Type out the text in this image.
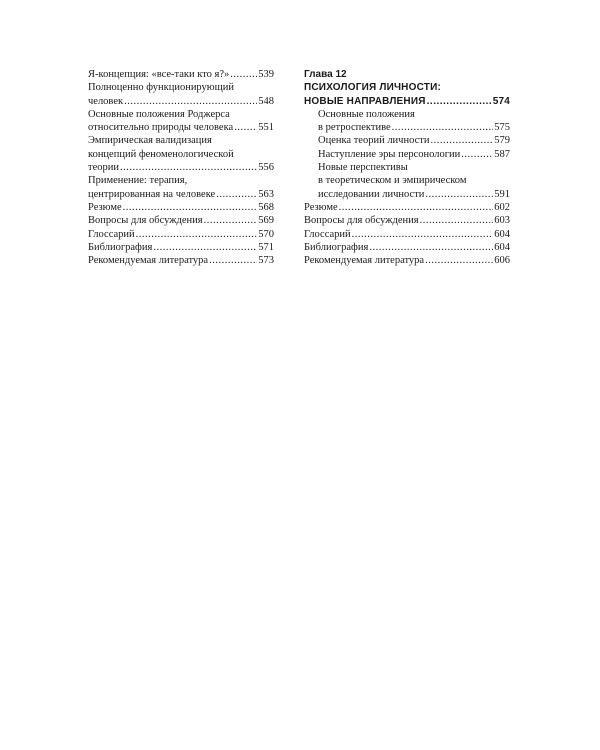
Я-концепция: «все-таки кто я?» .....	539
Полноценно функционирующий
человек .....	548
Основные положения Роджерса
относительно природы человека ..... 551
Эмпирическая валидизация
концепций феноменологической
теории .....	556
Применение: терапия,
центрированная на человеке .....	563
Резюме .....	568
Вопросы для обсуждения .....	569
Глоссарий .....	570
Библиография .....	571
Рекомендуемая литература .....	573
Глава 12
ПСИХОЛОГИЯ ЛИЧНОСТИ:
НОВЫЕ НАПРАВЛЕНИЯ .....	574
Основные положения
в ретроспективе .....	575
Оценка теорий личности .....	579
Наступление эры персонологии .....	587
Новые перспективы
в теоретическом и эмпирическом
исследовании личности .....	591
Резюме .....	602
Вопросы для обсуждения .....	603
Глоссарий .....	604
Библиография .....	604
Рекомендуемая литература .....	606
